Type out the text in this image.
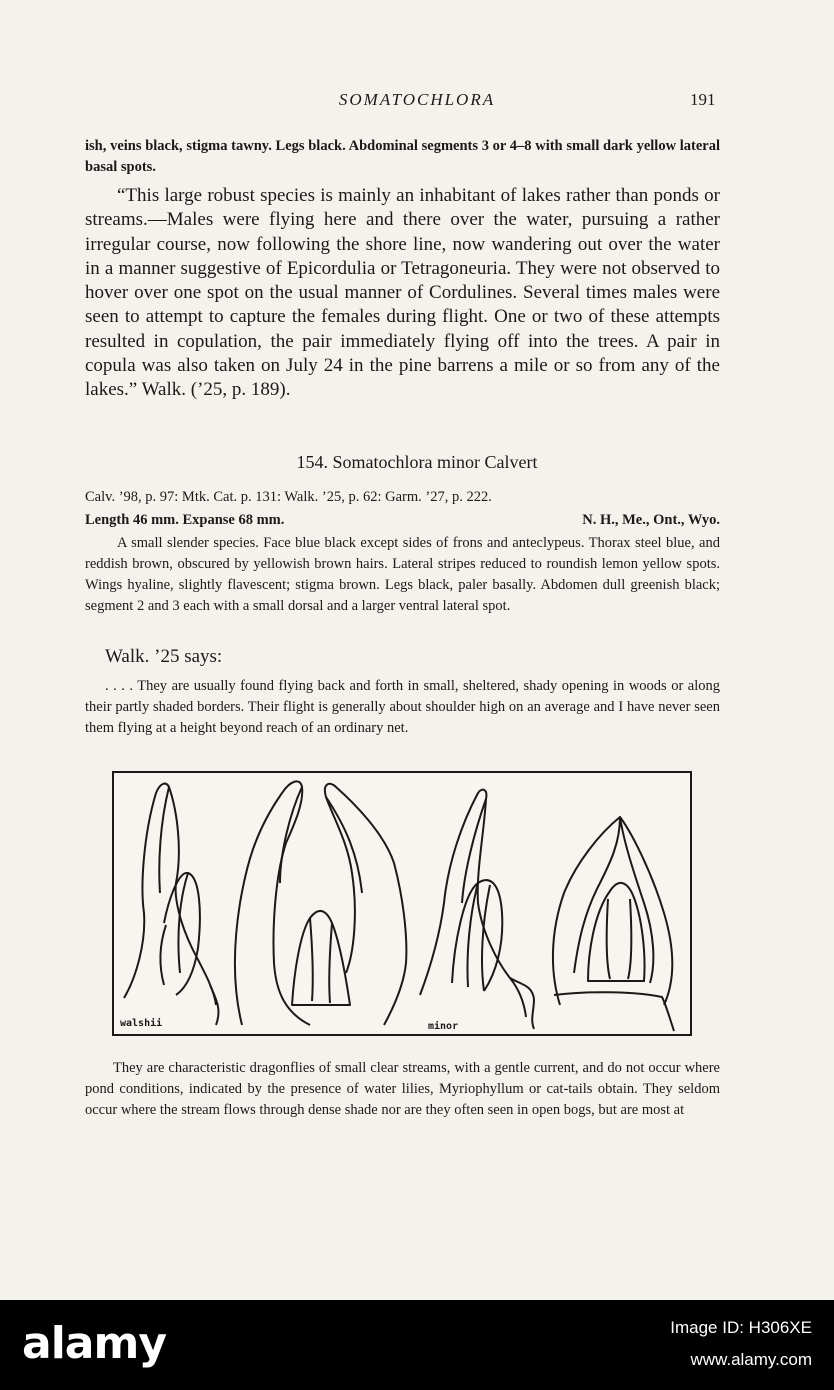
SOMATOCHLORA	191

ish, veins black, stigma tawny. Legs black. Abdominal segments 3 or 4–8 with small dark yellow lateral basal spots.

“This large robust species is mainly an inhabitant of lakes rather than ponds or streams.—Males were flying here and there over the water, pursuing a rather irregular course, now following the shore line, now wandering out over the water in a manner suggestive of Epicordulia or Tetragoneuria. They were not observed to hover over one spot on the usual manner of Cordulines. Several times males were seen to attempt to capture the females during flight. One or two of these attempts resulted in copulation, the pair immediately flying off into the trees. A pair in copula was also taken on July 24 in the pine barrens a mile or so from any of the lakes.” Walk. (’25, p. 189).

154. Somatochlora minor Calvert

Calv. ’98, p. 97: Mtk. Cat. p. 131: Walk. ’25, p. 62: Garm. ’27, p. 222.

Length 46 mm. Expanse 68 mm.	N. H., Me., Ont., Wyo.

A small slender species. Face blue black except sides of frons and anteclypeus. Thorax steel blue, and reddish brown, obscured by yellowish brown hairs. Lateral stripes reduced to roundish lemon yellow spots. Wings hyaline, slightly flavescent; stigma brown. Legs black, paler basally. Abdomen dull greenish black; segment 2 and 3 each with a small dorsal and a larger ventral lateral spot.

Walk. ’25 says:

. . . . They are usually found flying back and forth in small, sheltered, shady opening in woods or along their partly shaded borders. Their flight is generally about shoulder high on an average and I have never seen them flying at a height beyond reach of an ordinary net.

walshii	minor

They are characteristic dragonflies of small clear streams, with a gentle current, and do not occur where pond conditions, indicated by the presence of water lilies, Myriophyllum or cat-tails obtain. They seldom occur where the stream flows through dense shade nor are they often seen in open bogs, but are most at

alamy	Image ID: H306XE
www.alamy.com
